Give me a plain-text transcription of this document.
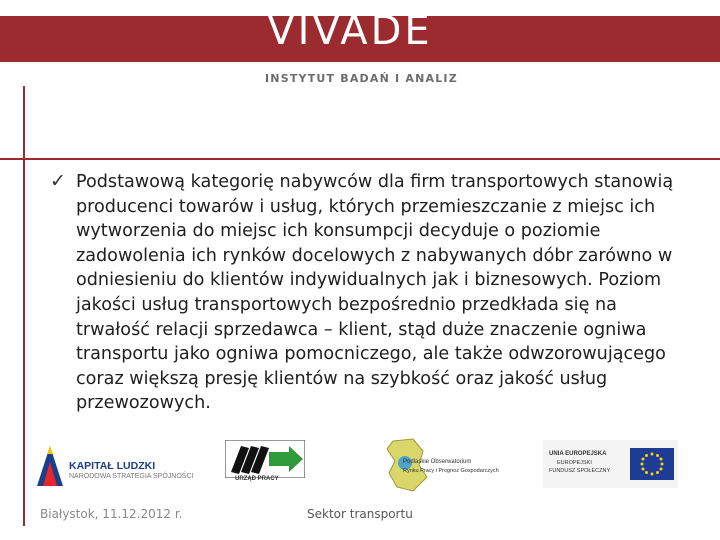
VIVADE
INSTYTUT BADAŃ I ANALIZ
✓ Podstawową kategorię nabywców dla firm transportowych stanowią producenci towarów i usług, których przemieszczanie z miejsc ich wytworzenia do miejsc ich konsumpcji decyduje o poziomie zadowolenia ich rynków docelowych z nabywanych dóbr zarówno w odniesieniu do klientów indywidualnych jak i biznesowych. Poziom jakości usług transportowych bezpośrednio przedkłada się na trwałość relacji sprzedawca – klient, stąd duże znaczenie ogniwa transportu jako ogniwa pomocniczego, ale także odwzorowującego coraz większą presję klientów na szybkość oraz jakość usług przewozowych.
KAPITAŁ LUDZKI
NARODOWA STRATEGIA SPÓJNOŚCI	URZĄD PRACY
Podlaskie Obserwatorium
Rynku Pracy i Prognoz Gospodarczych
UNIA EUROPEJSKA
EUROPEJSKI
FUNDUSZ SPOŁECZNY
Białystok, 11.12.2012 r.	Sektor transportu
